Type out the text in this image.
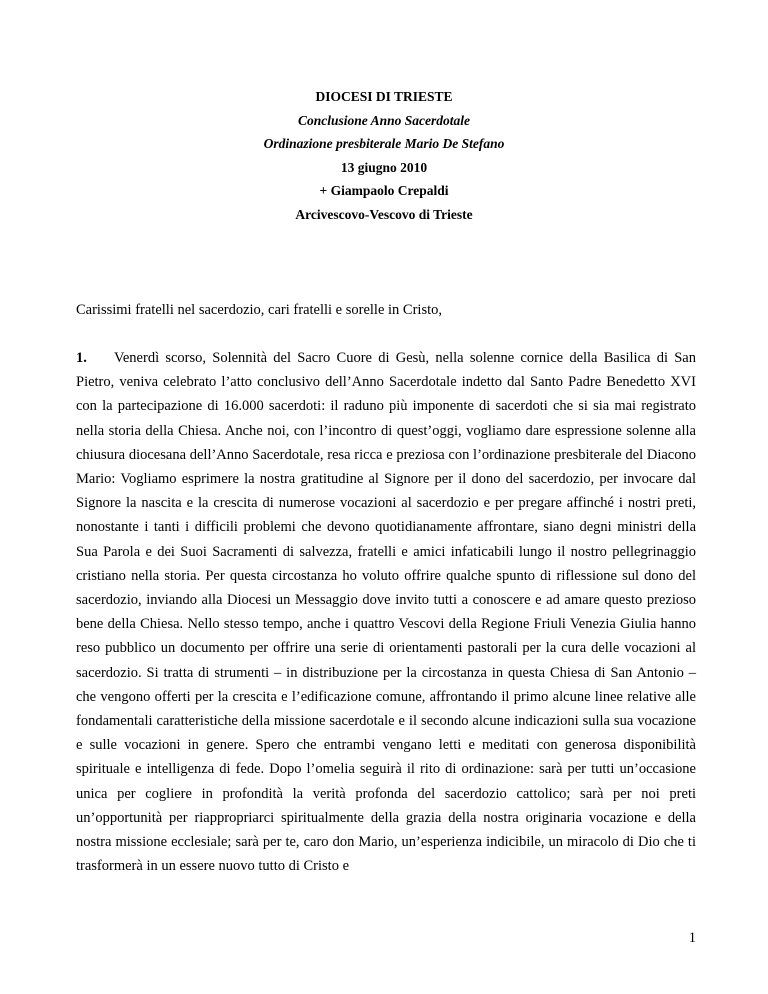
DIOCESI DI TRIESTE
Conclusione Anno Sacerdotale
Ordinazione presbiterale Mario De Stefano
13 giugno 2010
+ Giampaolo Crepaldi
Arcivescovo-Vescovo di Trieste

Carissimi fratelli nel sacerdozio, cari fratelli e sorelle in Cristo,

1. Venerdì scorso, Solennità del Sacro Cuore di Gesù, nella solenne cornice della Basilica di San Pietro, veniva celebrato l’atto conclusivo dell’Anno Sacerdotale indetto dal Santo Padre Benedetto XVI con la partecipazione di 16.000 sacerdoti: il raduno più imponente di sacerdoti che si sia mai registrato nella storia della Chiesa. Anche noi, con l’incontro di quest’oggi, vogliamo dare espressione solenne alla chiusura diocesana dell’Anno Sacerdotale, resa ricca e preziosa con l’ordinazione presbiterale del Diacono Mario: Vogliamo esprimere la nostra gratitudine al Signore per il dono del sacerdozio, per invocare dal Signore la nascita e la crescita di numerose vocazioni al sacerdozio e per pregare affinché i nostri preti, nonostante i tanti i difficili problemi che devono quotidianamente affrontare, siano degni ministri della Sua Parola e dei Suoi Sacramenti di salvezza, fratelli e amici infaticabili lungo il nostro pellegrinaggio cristiano nella storia. Per questa circostanza ho voluto offrire qualche spunto di riflessione sul dono del sacerdozio, inviando alla Diocesi un Messaggio dove invito tutti a conoscere e ad amare questo prezioso bene della Chiesa. Nello stesso tempo, anche i quattro Vescovi della Regione Friuli Venezia Giulia hanno reso pubblico un documento per offrire una serie di orientamenti pastorali per la cura delle vocazioni al sacerdozio. Si tratta di strumenti – in distribuzione per la circostanza in questa Chiesa di San Antonio – che vengono offerti per la crescita e l’edificazione comune, affrontando il primo alcune linee relative alle fondamentali caratteristiche della missione sacerdotale e il secondo alcune indicazioni sulla sua vocazione e sulle vocazioni in genere. Spero che entrambi vengano letti e meditati con generosa disponibilità spirituale e intelligenza di fede. Dopo l’omelia seguirà il rito di ordinazione: sarà per tutti un’occasione unica per cogliere in profondità la verità profonda del sacerdozio cattolico; sarà per noi preti un’opportunità per riappropriarci spiritualmente della grazia della nostra originaria vocazione e della nostra missione ecclesiale; sarà per te, caro don Mario, un’esperienza indicibile, un miracolo di Dio che ti trasformerà in un essere nuovo tutto di Cristo e

1
